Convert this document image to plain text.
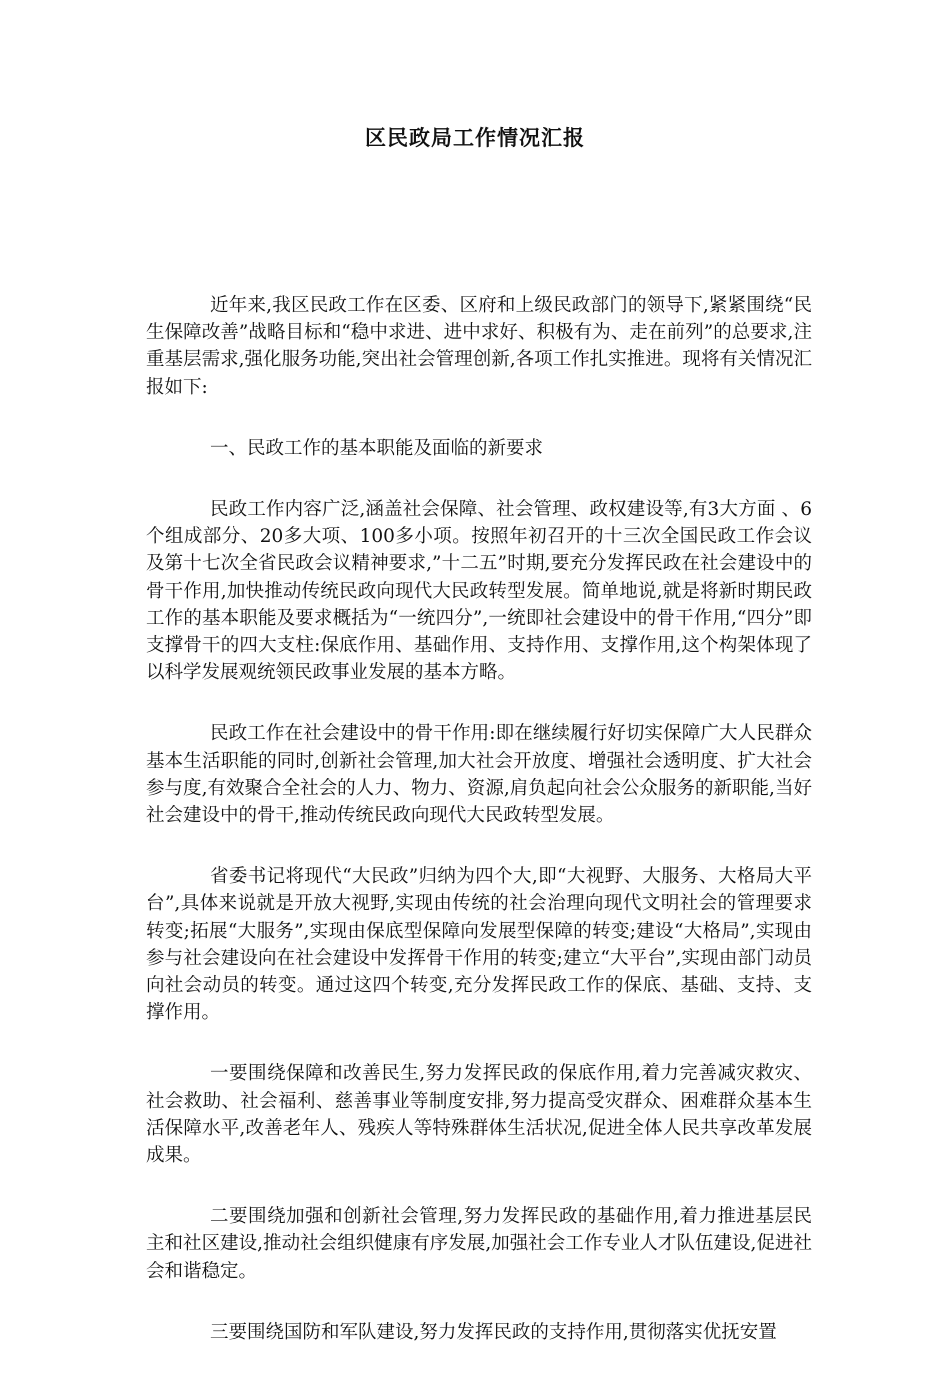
区民政局工作情况汇报

近年来,我区民政工作在区委、区府和上级民政部门的领导下,紧紧围绕“民生保障改善”战略目标和“稳中求进、进中求好、积极有为、走在前列”的总要求,注重基层需求,强化服务功能,突出社会管理创新,各项工作扎实推进。现将有关情况汇报如下:

一、民政工作的基本职能及面临的新要求

民政工作内容广泛,涵盖社会保障、社会管理、政权建设等,有3大方面 、6个组成部分、20多大项、100多小项。按照年初召开的十三次全国民政工作会议及第十七次全省民政会议精神要求,”十二五”时期,要充分发挥民政在社会建设中的骨干作用,加快推动传统民政向现代大民政转型发展。简单地说,就是将新时期民政工作的基本职能及要求概括为“一统四分”,一统即社会建设中的骨干作用,“四分”即支撑骨干的四大支柱:保底作用、基础作用、支持作用、支撑作用,这个构架体现了以科学发展观统领民政事业发展的基本方略。

民政工作在社会建设中的骨干作用:即在继续履行好切实保障广大人民群众基本生活职能的同时,创新社会管理,加大社会开放度、增强社会透明度、扩大社会参与度,有效聚合全社会的人力、物力、资源,肩负起向社会公众服务的新职能,当好社会建设中的骨干,推动传统民政向现代大民政转型发展。

省委书记将现代“大民政”归纳为四个大,即“大视野、大服务、大格局大平台”,具体来说就是开放大视野,实现由传统的社会治理向现代文明社会的管理要求转变;拓展“大服务”,实现由保底型保障向发展型保障的转变;建设“大格局”,实现由参与社会建设向在社会建设中发挥骨干作用的转变;建立“大平台”,实现由部门动员向社会动员的转变。通过这四个转变,充分发挥民政工作的保底、基础、支持、支撑作用。

一要围绕保障和改善民生,努力发挥民政的保底作用,着力完善减灾救灾、社会救助、社会福利、慈善事业等制度安排,努力提高受灾群众、困难群众基本生活保障水平,改善老年人、残疾人等特殊群体生活状况,促进全体人民共享改革发展成果。

二要围绕加强和创新社会管理,努力发挥民政的基础作用,着力推进基层民主和社区建设,推动社会组织健康有序发展,加强社会工作专业人才队伍建设,促进社会和谐稳定。

三要围绕国防和军队建设,努力发挥民政的支持作用,贯彻落实优抚安置
